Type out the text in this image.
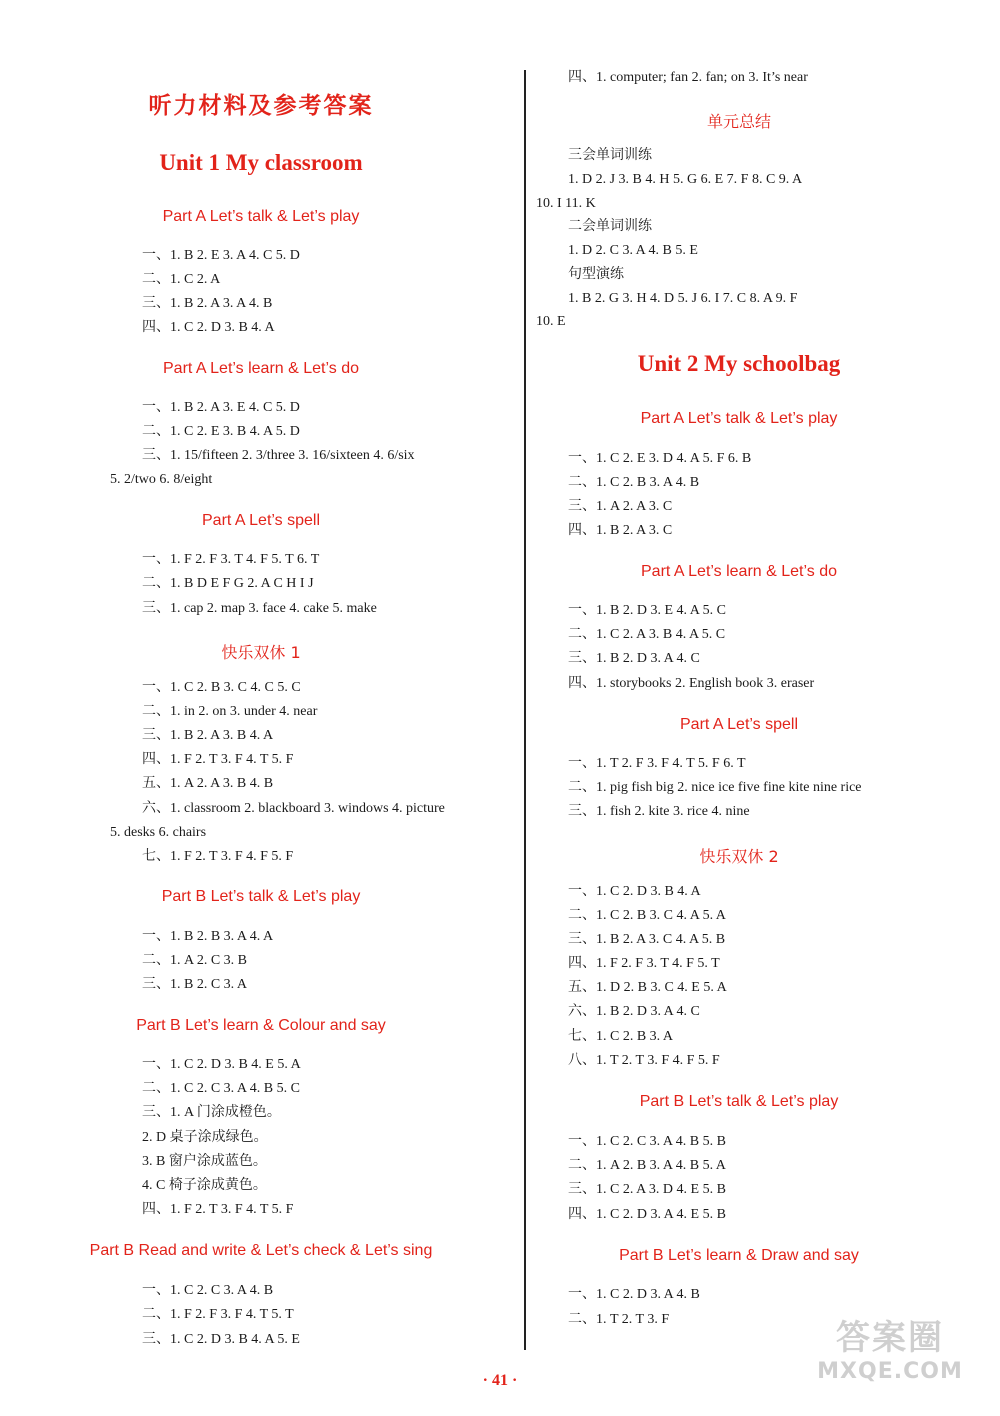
听力材料及参考答案
Unit 1 My classroom
Part A Let’s talk & Let’s play
一、1. B 2. E 3. A 4. C 5. D
二、1. C 2. A
三、1. B 2. A 3. A 4. B
四、1. C 2. D 3. B 4. A
Part A Let’s learn & Let’s do
一、1. B 2. A 3. E 4. C 5. D
二、1. C 2. E 3. B 4. A 5. D
三、1. 15/fifteen 2. 3/three 3. 16/sixteen 4. 6/six
5. 2/two 6. 8/eight
Part A Let’s spell
一、1. F 2. F 3. T 4. F 5. T 6. T
二、1. B D E F G 2. A C H I J
三、1. cap 2. map 3. face 4. cake 5. make
快乐双休 1
一、1. C 2. B 3. C 4. C 5. C
二、1. in 2. on 3. under 4. near
三、1. B 2. A 3. B 4. A
四、1. F 2. T 3. F 4. T 5. F
五、1. A 2. A 3. B 4. B
六、1. classroom 2. blackboard 3. windows 4. picture
5. desks 6. chairs
七、1. F 2. T 3. F 4. F 5. F
Part B Let’s talk & Let’s play
一、1. B 2. B 3. A 4. A
二、1. A 2. C 3. B
三、1. B 2. C 3. A
Part B Let’s learn & Colour and say
一、1. C 2. D 3. B 4. E 5. A
二、1. C 2. C 3. A 4. B 5. C
三、1. A 门涂成橙色。
2. D 桌子涂成绿色。
3. B 窗户涂成蓝色。
4. C 椅子涂成黄色。
四、1. F 2. T 3. F 4. T 5. F
Part B Read and write & Let’s check & Let’s sing
一、1. C 2. C 3. A 4. B
二、1. F 2. F 3. F 4. T 5. T
三、1. C 2. D 3. B 4. A 5. E
四、1. computer; fan 2. fan; on 3. It’s near
单元总结
三会单词训练
1. D 2. J 3. B 4. H 5. G 6. E 7. F 8. C 9. A
10. I 11. K
二会单词训练
1. D 2. C 3. A 4. B 5. E
句型演练
1. B 2. G 3. H 4. D 5. J 6. I 7. C 8. A 9. F
10. E
Unit 2 My schoolbag
Part A Let’s talk & Let’s play
一、1. C 2. E 3. D 4. A 5. F 6. B
二、1. C 2. B 3. A 4. B
三、1. A 2. A 3. C
四、1. B 2. A 3. C
Part A Let’s learn & Let’s do
一、1. B 2. D 3. E 4. A 5. C
二、1. C 2. A 3. B 4. A 5. C
三、1. B 2. D 3. A 4. C
四、1. storybooks 2. English book 3. eraser
Part A Let’s spell
一、1. T 2. F 3. F 4. T 5. F 6. T
二、1. pig fish big 2. nice ice five fine kite nine rice
三、1. fish 2. kite 3. rice 4. nine
快乐双休 2
一、1. C 2. D 3. B 4. A
二、1. C 2. B 3. C 4. A 5. A
三、1. B 2. A 3. C 4. A 5. B
四、1. F 2. F 3. T 4. F 5. T
五、1. D 2. B 3. C 4. E 5. A
六、1. B 2. D 3. A 4. C
七、1. C 2. B 3. A
八、1. T 2. T 3. F 4. F 5. F
Part B Let’s talk & Let’s play
一、1. C 2. C 3. A 4. B 5. B
二、1. A 2. B 3. A 4. B 5. A
三、1. C 2. A 3. D 4. E 5. B
四、1. C 2. D 3. A 4. E 5. B
Part B Let’s learn & Draw and say
一、1. C 2. D 3. A 4. B
二、1. T 2. T 3. F	答案圈
MXQE.COM
· 41 ·
